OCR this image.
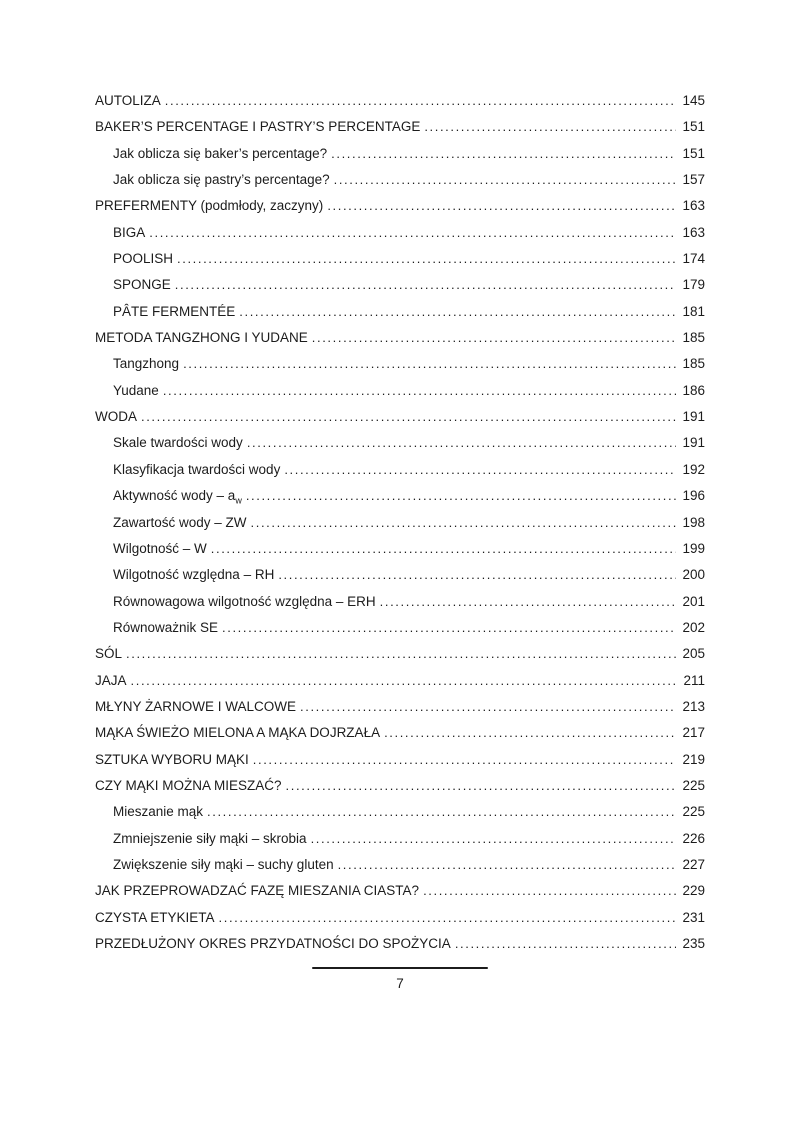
AUTOLIZA .....	145
BAKER’S PERCENTAGE I PASTRY’S PERCENTAGE .....	151
Jak oblicza się baker’s percentage? .....	151
Jak oblicza się pastry’s percentage? .....	157
PREFERMENTY (podmłody, zaczyny) .....	163
BIGA .....	163
POOLISH .....	174
SPONGE .....	179
PÂTE FERMENTÉE .....	181
METODA TANGZHONG I YUDANE .....	185
Tangzhong .....	185
Yudane .....	186
WODA .....	191
Skale twardości wody .....	191
Klasyfikacja twardości wody .....	192
Aktywność wody – $a_w$ .....	196
Zawartość wody – ZW .....	198
Wilgotność – W .....	199
Wilgotność względna – RH .....	200
Równowagowa wilgotność względna – ERH .....	201
Równoważnik SE .....	202
SÓL .....	205
JAJA .....	211
MŁYNY ŻARNOWE I WALCOWE .....	213
MĄKA ŚWIEŻO MIELONA A MĄKA DOJRZAŁA .....	217
SZTUKA WYBORU MĄKI .....	219
CZY MĄKI MOŻNA MIESZAĆ? .....	225
Mieszanie mąk .....	225
Zmniejszenie siły mąki – skrobia .....	226
Zwiększenie siły mąki – suchy gluten .....	227
JAK PRZEPROWADZAĆ FAZĘ MIESZANIA CIASTA? .....	229
CZYSTA ETYKIETA .....	231
PRZEDŁUŻONY OKRES PRZYDATNOŚCI DO SPOŻYCIA .....	235
7
